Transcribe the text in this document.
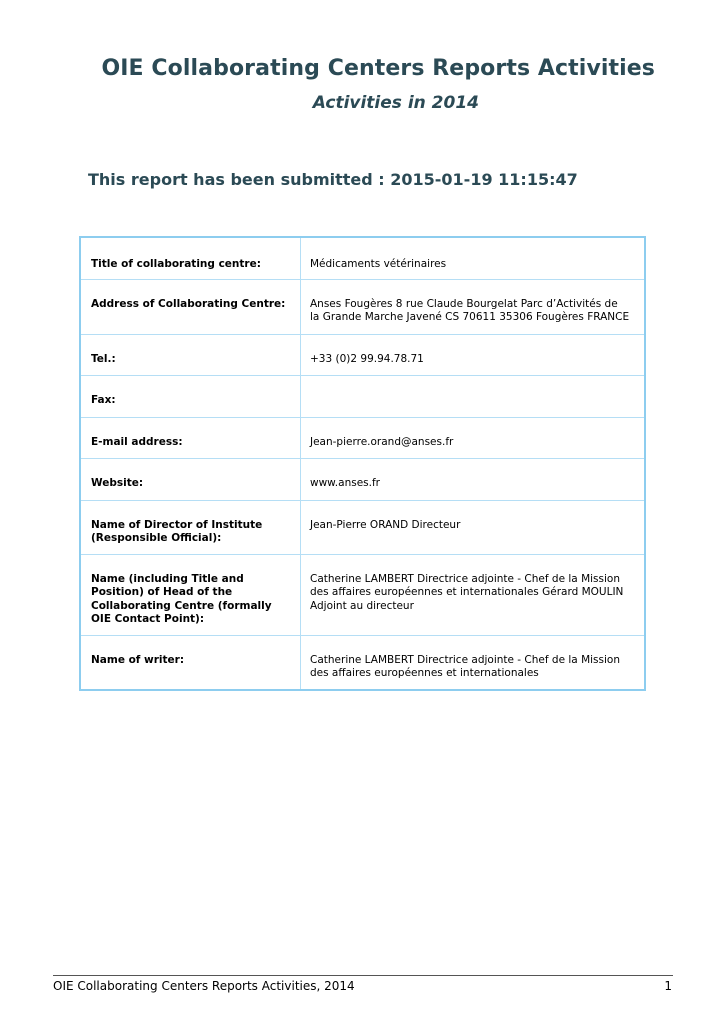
OIE Collaborating Centers Reports Activities
Activities in 2014
This report has been submitted : 2015-01-19 11:15:47
Title of collaborating centre:	Médicaments vétérinaires

Address of Collaborating Centre:	Anses Fougères 8 rue Claude Bourgelat Parc d’Activités de la Grande Marche Javené CS 70611 35306 Fougères FRANCE

Tel.:	+33 (0)2 99.94.78.71

Fax:	

E-mail address:	Jean-pierre.orand@anses.fr

Website:	www.anses.fr

Name of Director of Institute (Responsible Official):	Jean-Pierre ORAND Directeur

Name (including Title and Position) of Head of the Collaborating Centre (formally OIE Contact Point):	Catherine LAMBERT Directrice adjointe - Chef de la Mission des affaires européennes et internationales Gérard MOULIN Adjoint au directeur

Name of writer:	Catherine LAMBERT Directrice adjointe - Chef de la Mission des affaires européennes et internationales
OIE Collaborating Centers Reports Activities, 2014	1
